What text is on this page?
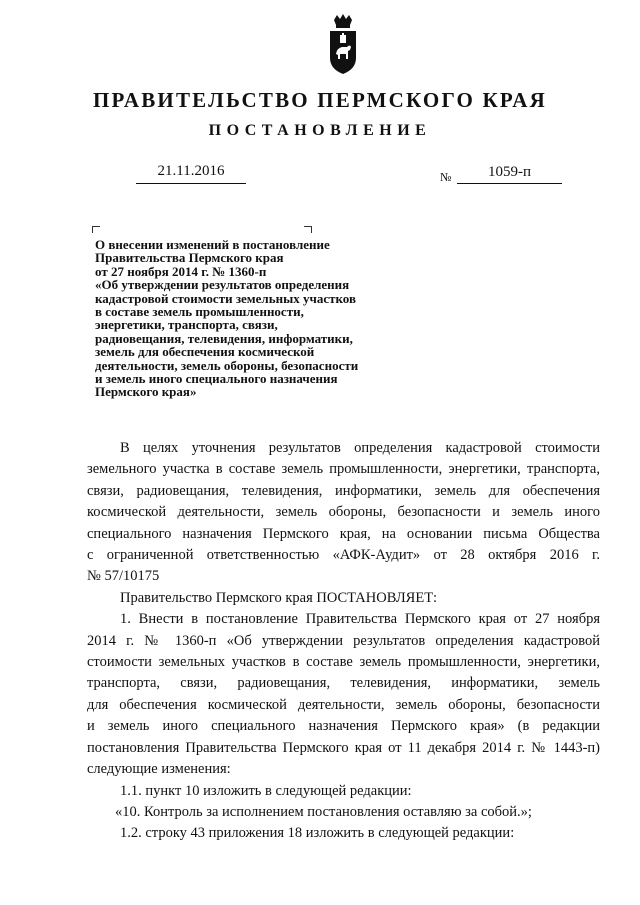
ПРАВИТЕЛЬСТВО ПЕРМСКОГО КРАЯ
ПОСТАНОВЛЕНИЕ
21.11.2016	№	1059-п
О внесении изменений в постановление
Правительства Пермского края
от 27 ноября 2014 г. № 1360-п
«Об утверждении результатов определения
кадастровой стоимости земельных участков
в составе земель промышленности,
энергетики, транспорта, связи,
радиовещания, телевидения, информатики,
земель для обеспечения космической
деятельности, земель обороны, безопасности
и земель иного специального назначения
Пермского края»
В целях уточнения результатов определения кадастровой стоимости
земельного участка в составе земель промышленности, энергетики, транспорта,
связи, радиовещания, телевидения, информатики, земель для обеспечения
космической деятельности, земель обороны, безопасности и земель иного
специального назначения Пермского края, на основании письма Общества
с ограниченной ответственностью «АФК-Аудит» от 28 октября 2016 г.
№ 57/10175
Правительство Пермского края ПОСТАНОВЛЯЕТ:
1. Внести в постановление Правительства Пермского края от 27 ноября
2014 г. № 1360-п «Об утверждении результатов определения кадастровой
стоимости земельных участков в составе земель промышленности, энергетики,
транспорта, связи, радиовещания, телевидения, информатики, земель
для обеспечения космической деятельности, земель обороны, безопасности
и земель иного специального назначения Пермского края» (в редакции
постановления Правительства Пермского края от 11 декабря 2014 г. № 1443-п)
следующие изменения:
1.1. пункт 10 изложить в следующей редакции:
«10. Контроль за исполнением постановления оставляю за собой.»;
1.2. строку 43 приложения 18 изложить в следующей редакции:
